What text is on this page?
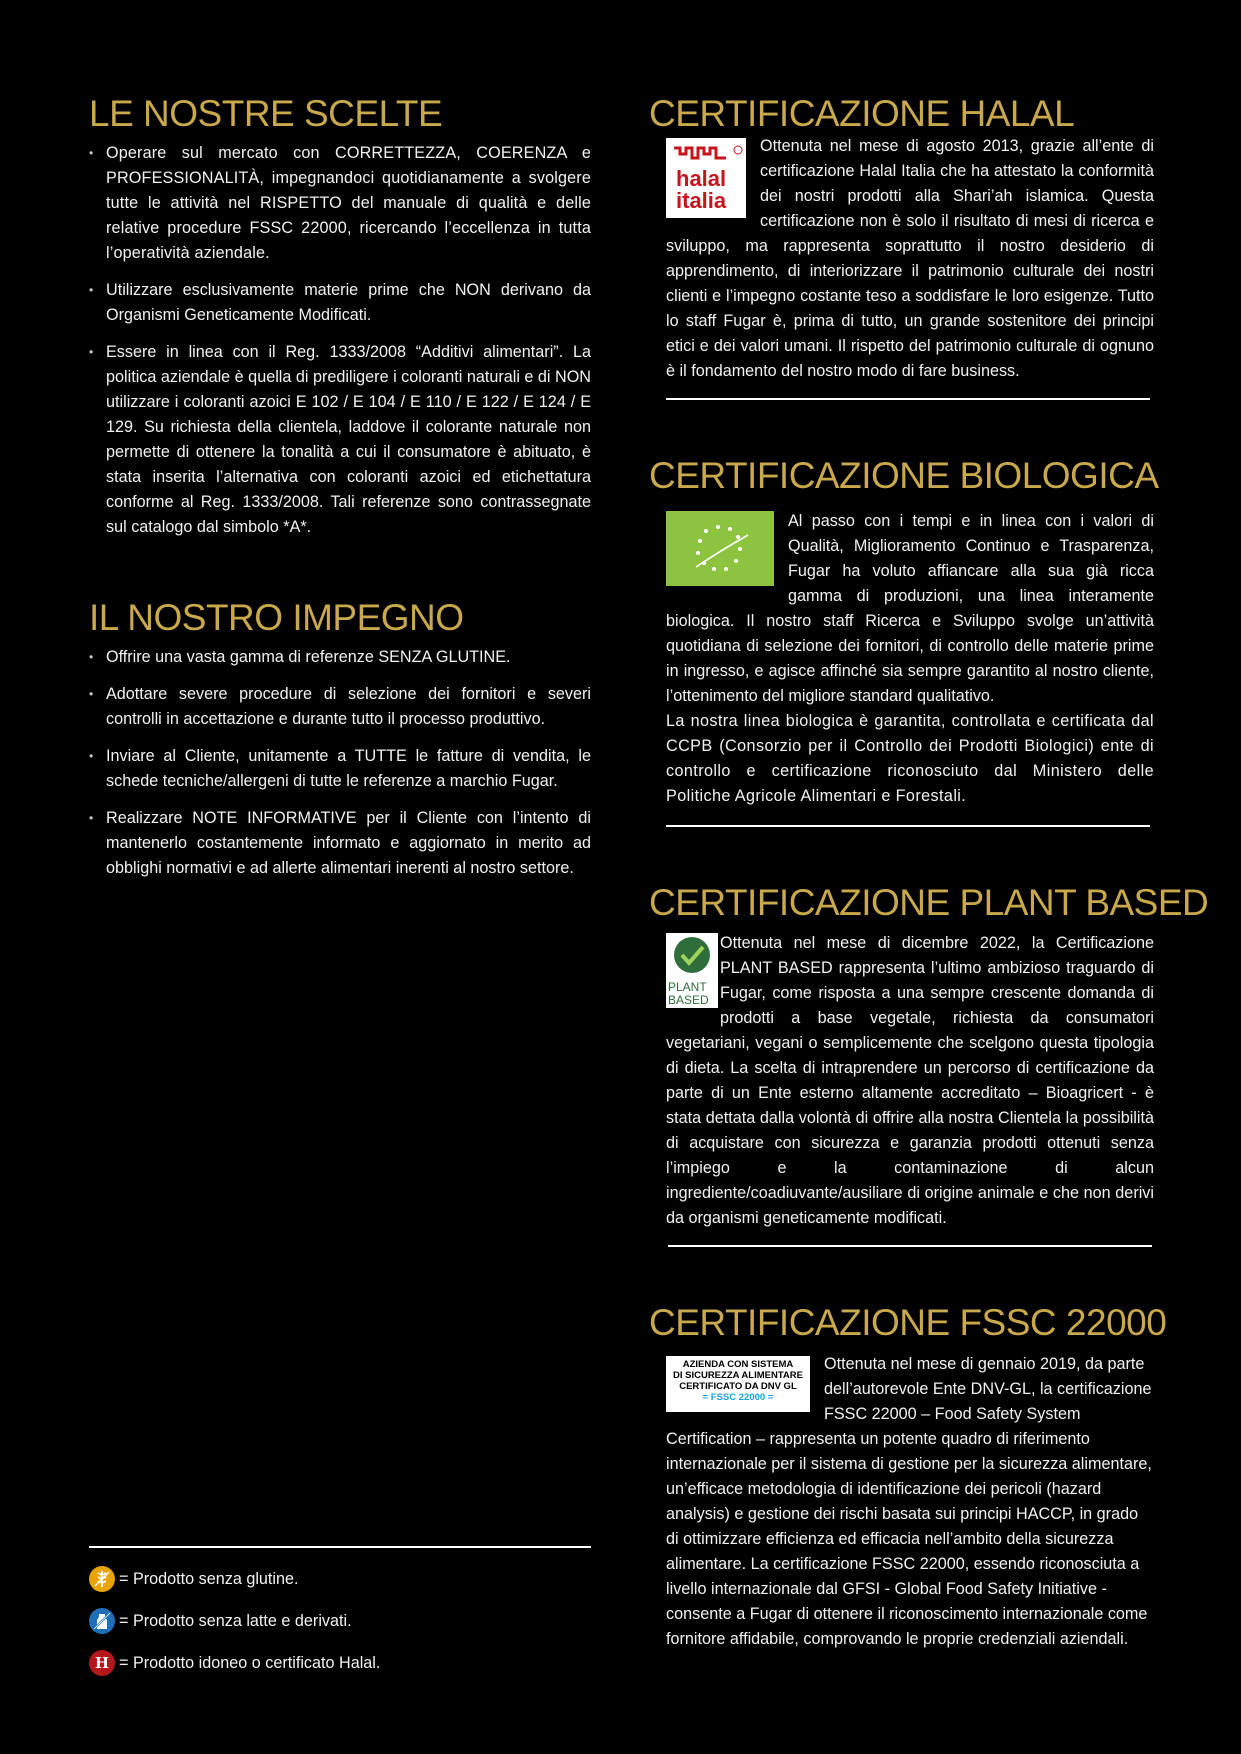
LE NOSTRE SCELTE
• Operare sul mercato con CORRETTEZZA, COERENZA e PROFESSIONALITÀ, impegnandoci quotidianamente a svolgere tutte le attività nel RISPETTO del manuale di qualità e delle relative procedure FSSC 22000, ricercando l’eccellenza in tutta l’operatività aziendale.
• Utilizzare esclusivamente materie prime che NON derivano da Organismi Geneticamente Modificati.
• Essere in linea con il Reg. 1333/2008 “Additivi alimentari”. La politica aziendale è quella di prediligere i coloranti naturali e di NON utilizzare i coloranti azoici E 102 / E 104 / E 110 / E 122 / E 124 / E 129. Su richiesta della clientela, laddove il colorante naturale non permette di ottenere la tonalità a cui il consumatore è abituato, è stata inserita l’alternativa con coloranti azoici ed etichettatura conforme al Reg. 1333/2008. Tali referenze sono contrassegnate sul catalogo dal simbolo *A*.
IL NOSTRO IMPEGNO
• Offrire una vasta gamma di referenze SENZA GLUTINE.
• Adottare severe procedure di selezione dei fornitori e severi controlli in accettazione e durante tutto il processo produttivo.
• Inviare al Cliente, unitamente a TUTTE le fatture di vendita, le schede tecniche/allergeni di tutte le referenze a marchio Fugar.
• Realizzare NOTE INFORMATIVE per il Cliente con l’intento di mantenerlo costantemente informato e aggiornato in merito ad obblighi normativi e ad allerte alimentari inerenti al nostro settore.
= Prodotto senza glutine.
= Prodotto senza latte e derivati.
H = Prodotto idoneo o certificato Halal.
CERTIFICAZIONE HALAL
halal
italia

Ottenuta nel mese di agosto 2013, grazie all’ente di certificazione Halal Italia che ha attestato la conformità dei nostri prodotti alla Shari’ah islamica. Questa certificazione non è solo il risultato di mesi di ricerca e sviluppo, ma rappresenta soprattutto il nostro desiderio di apprendimento, di interiorizzare il patrimonio culturale dei nostri clienti e l’impegno costante teso a soddisfare le loro esigenze. Tutto lo staff Fugar è, prima di tutto, un grande sostenitore dei principi etici e dei valori umani. Il rispetto del patrimonio culturale di ognuno è il fondamento del nostro modo di fare business.

CERTIFICAZIONE BIOLOGICA

Al passo con i tempi e in linea con i valori di Qualità, Miglioramento Continuo e Trasparenza, Fugar ha voluto affiancare alla sua già ricca gamma di produzioni, una linea interamente biologica. Il nostro staff Ricerca e Sviluppo svolge un’attività quotidiana di selezione dei fornitori, di controllo delle materie prime in ingresso, e agisce affinché sia sempre garantito al nostro cliente, l’ottenimento del migliore standard qualitativo.

La nostra linea biologica è garantita, controllata e certificata dal CCPB (Consorzio per il Controllo dei Prodotti Biologici) ente di controllo e certificazione riconosciuto dal Ministero delle Politiche Agricole Alimentari e Forestali.

CERTIFICAZIONE PLANT BASED
PLANT
BASED

Ottenuta nel mese di dicembre 2022, la Certificazione PLANT BASED rappresenta l’ultimo ambizioso traguardo di Fugar, come risposta a una sempre crescente domanda di prodotti a base vegetale, richiesta da consumatori vegetariani, vegani o semplicemente che scelgono questa tipologia di dieta. La scelta di intraprendere un percorso di certificazione da parte di un Ente esterno altamente accreditato – Bioagricert - è stata dettata dalla volontà di offrire alla nostra Clientela la possibilità di acquistare con sicurezza e garanzia prodotti ottenuti senza l’impiego e la contaminazione di alcun ingrediente/coadiuvante/ausiliare di origine animale e che non derivi da organismi geneticamente modificati.

CERTIFICAZIONE FSSC 22000
AZIENDA CON SISTEMA
DI SICUREZZA ALIMENTARE
CERTIFICATO DA DNV GL
= FSSC 22000 =

Ottenuta nel mese di gennaio 2019, da parte dell’autorevole Ente DNV-GL, la certificazione FSSC 22000 – Food Safety System Certification – rappresenta un potente quadro di riferimento internazionale per il sistema di gestione per la sicurezza alimentare, un’efficace metodologia di identificazione dei pericoli (hazard analysis) e gestione dei rischi basata sui principi HACCP, in grado di ottimizzare efficienza ed efficacia nell’ambito della sicurezza alimentare. La certificazione FSSC 22000, essendo riconosciuta a livello internazionale dal GFSI - Global Food Safety Initiative - consente a Fugar di ottenere il riconoscimento internazionale come fornitore affidabile, comprovando le proprie credenziali aziendali.
